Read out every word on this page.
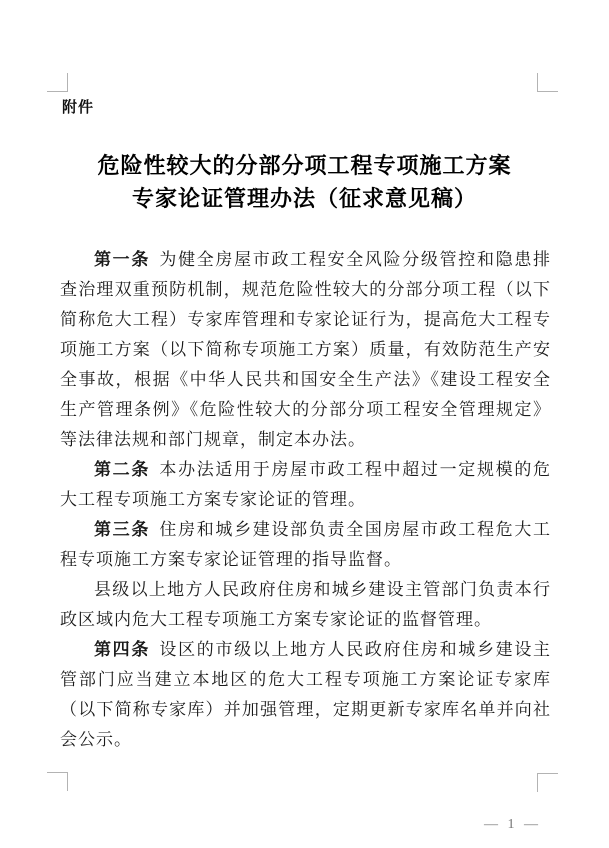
附件
危险性较大的分部分项工程专项施工方案
专家论证管理办法（征求意见稿）

第一条 为健全房屋市政工程安全风险分级管控和隐患排查治理双重预防机制，规范危险性较大的分部分项工程（以下简称危大工程）专家库管理和专家论证行为，提高危大工程专项施工方案（以下简称专项施工方案）质量，有效防范生产安全事故，根据《中华人民共和国安全生产法》《建设工程安全生产管理条例》《危险性较大的分部分项工程安全管理规定》等法律法规和部门规章，制定本办法。

第二条 本办法适用于房屋市政工程中超过一定规模的危大工程专项施工方案专家论证的管理。

第三条 住房和城乡建设部负责全国房屋市政工程危大工程专项施工方案专家论证管理的指导监督。

县级以上地方人民政府住房和城乡建设主管部门负责本行政区域内危大工程专项施工方案专家论证的监督管理。

第四条 设区的市级以上地方人民政府住房和城乡建设主管部门应当建立本地区的危大工程专项施工方案论证专家库（以下简称专家库）并加强管理，定期更新专家库名单并向社会公示。

— 1 —
